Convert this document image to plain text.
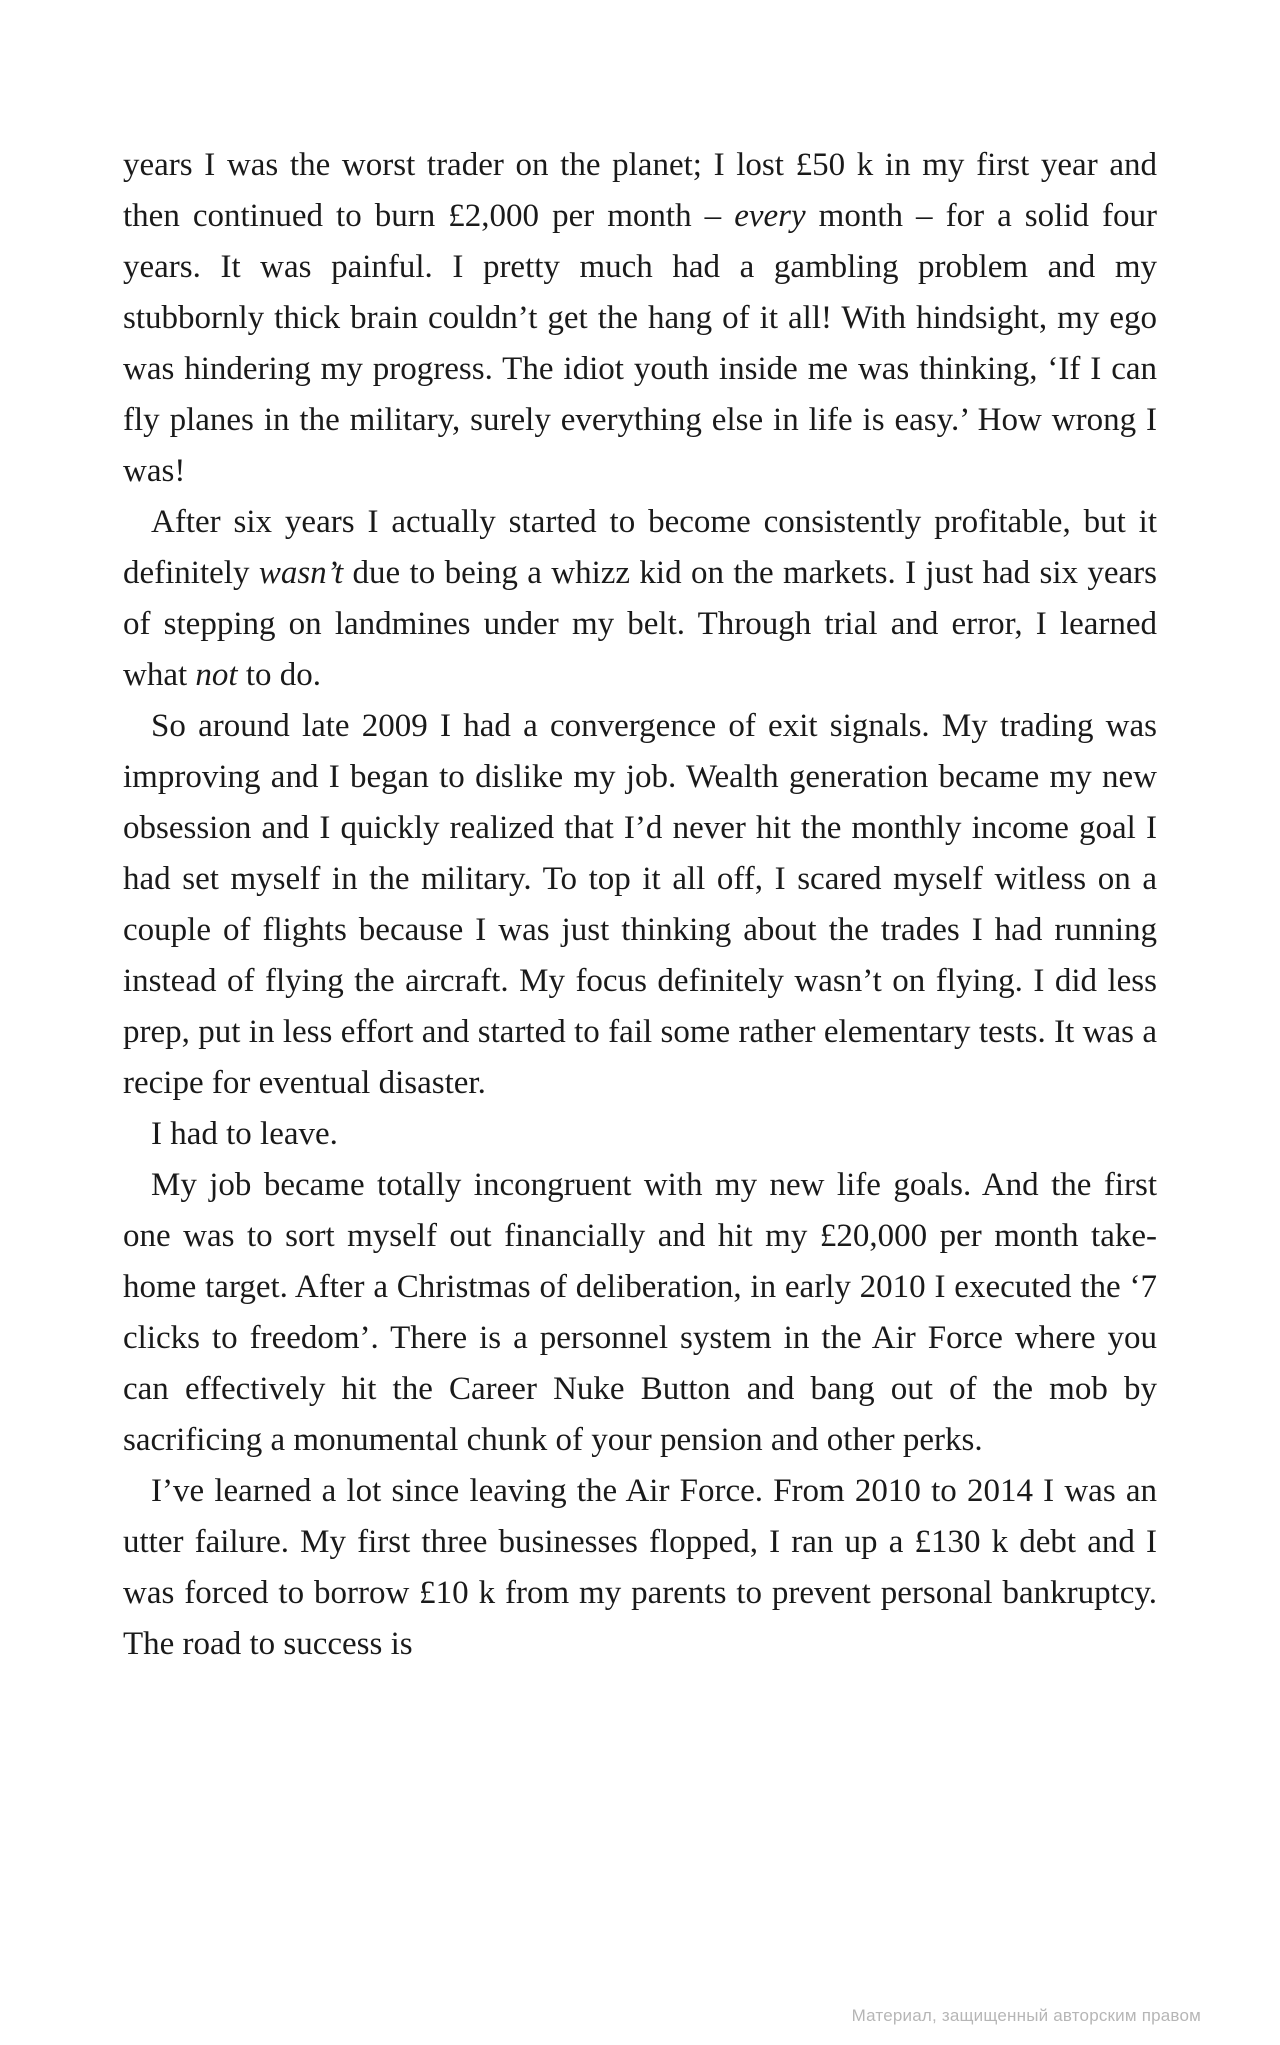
years I was the worst trader on the planet; I lost £50 k in my first year and then continued to burn £2,000 per month – every month – for a solid four years. It was painful. I pretty much had a gambling problem and my stubbornly thick brain couldn’t get the hang of it all! With hindsight, my ego was hindering my progress. The idiot youth inside me was thinking, ‘If I can fly planes in the military, surely everything else in life is easy.’ How wrong I was!

After six years I actually started to become consistently profitable, but it definitely wasn’t due to being a whizz kid on the markets. I just had six years of stepping on landmines under my belt. Through trial and error, I learned what not to do.

So around late 2009 I had a convergence of exit signals. My trading was improving and I began to dislike my job. Wealth generation became my new obsession and I quickly realized that I’d never hit the monthly income goal I had set myself in the military. To top it all off, I scared myself witless on a couple of flights because I was just thinking about the trades I had running instead of flying the aircraft. My focus definitely wasn’t on flying. I did less prep, put in less effort and started to fail some rather elementary tests. It was a recipe for eventual disaster.

I had to leave.

My job became totally incongruent with my new life goals. And the first one was to sort myself out financially and hit my £20,000 per month take-home target. After a Christmas of deliberation, in early 2010 I executed the ‘7 clicks to freedom’. There is a personnel system in the Air Force where you can effectively hit the Career Nuke Button and bang out of the mob by sacrificing a monumental chunk of your pension and other perks.

I’ve learned a lot since leaving the Air Force. From 2010 to 2014 I was an utter failure. My first three businesses flopped, I ran up a £130 k debt and I was forced to borrow £10 k from my parents to prevent personal bankruptcy. The road to success is

Материал, защищенный авторским правом
